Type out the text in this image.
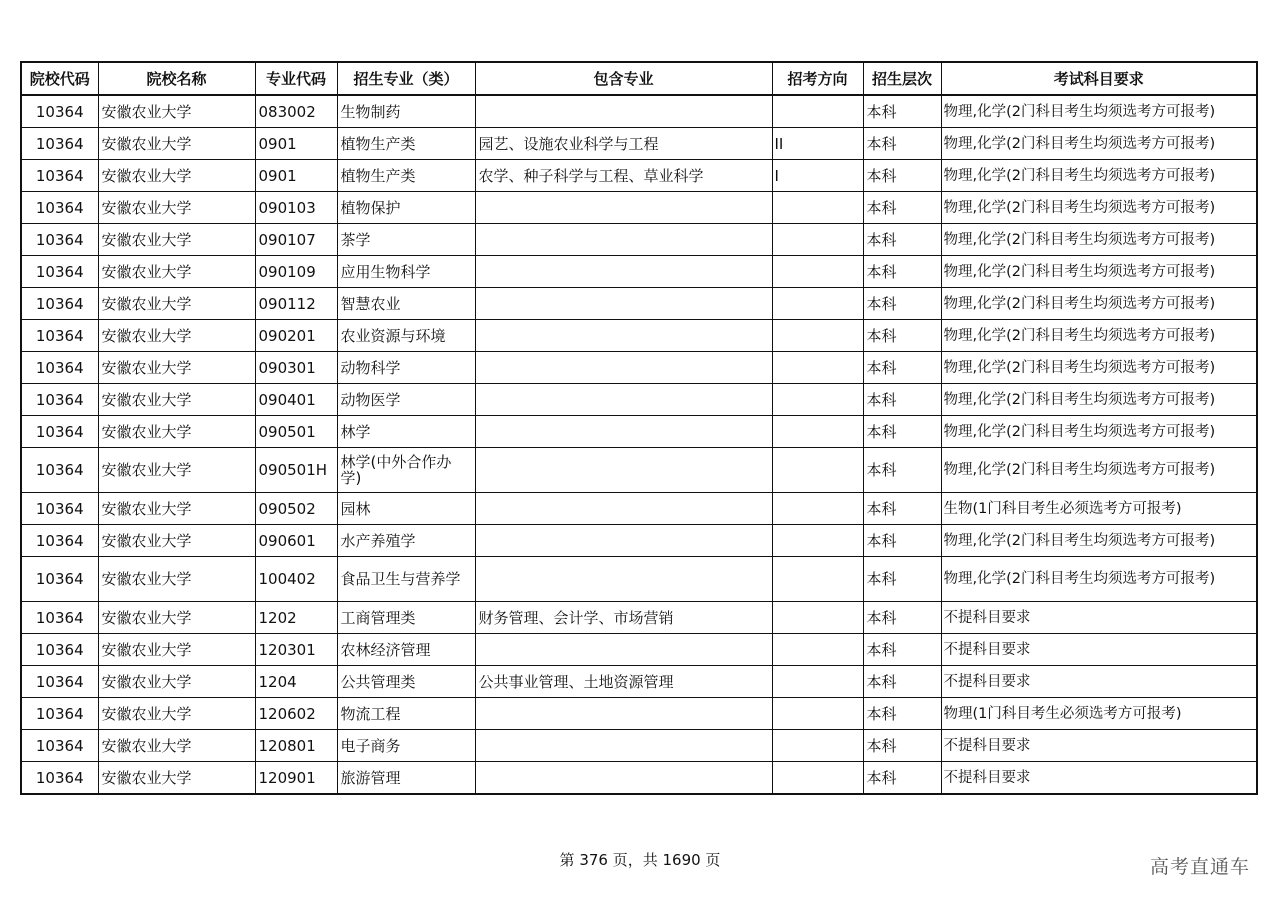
院校代码	院校名称	专业代码	招生专业（类）	包含专业	招考方向	招生层次	考试科目要求
10364	安徽农业大学	083002	生物制药			本科	物理,化学(2门科目考生均须选考方可报考)
10364	安徽农业大学	0901	植物生产类	园艺、设施农业科学与工程	II	本科	物理,化学(2门科目考生均须选考方可报考)
10364	安徽农业大学	0901	植物生产类	农学、种子科学与工程、草业科学	I	本科	物理,化学(2门科目考生均须选考方可报考)
10364	安徽农业大学	090103	植物保护			本科	物理,化学(2门科目考生均须选考方可报考)
10364	安徽农业大学	090107	茶学			本科	物理,化学(2门科目考生均须选考方可报考)
10364	安徽农业大学	090109	应用生物科学			本科	物理,化学(2门科目考生均须选考方可报考)
10364	安徽农业大学	090112	智慧农业			本科	物理,化学(2门科目考生均须选考方可报考)
10364	安徽农业大学	090201	农业资源与环境			本科	物理,化学(2门科目考生均须选考方可报考)
10364	安徽农业大学	090301	动物科学			本科	物理,化学(2门科目考生均须选考方可报考)
10364	安徽农业大学	090401	动物医学			本科	物理,化学(2门科目考生均须选考方可报考)
10364	安徽农业大学	090501	林学			本科	物理,化学(2门科目考生均须选考方可报考)
10364	安徽农业大学	090501H	林学(中外合作办学)			本科	物理,化学(2门科目考生均须选考方可报考)
10364	安徽农业大学	090502	园林			本科	生物(1门科目考生必须选考方可报考)
10364	安徽农业大学	090601	水产养殖学			本科	物理,化学(2门科目考生均须选考方可报考)
10364	安徽农业大学	100402	食品卫生与营养学			本科	物理,化学(2门科目考生均须选考方可报考)
10364	安徽农业大学	1202	工商管理类	财务管理、会计学、市场营销		本科	不提科目要求
10364	安徽农业大学	120301	农林经济管理			本科	不提科目要求
10364	安徽农业大学	1204	公共管理类	公共事业管理、土地资源管理		本科	不提科目要求
10364	安徽农业大学	120602	物流工程			本科	物理(1门科目考生必须选考方可报考)
10364	安徽农业大学	120801	电子商务			本科	不提科目要求
10364	安徽农业大学	120901	旅游管理			本科	不提科目要求
第 376 页，共 1690 页	高考直通车
